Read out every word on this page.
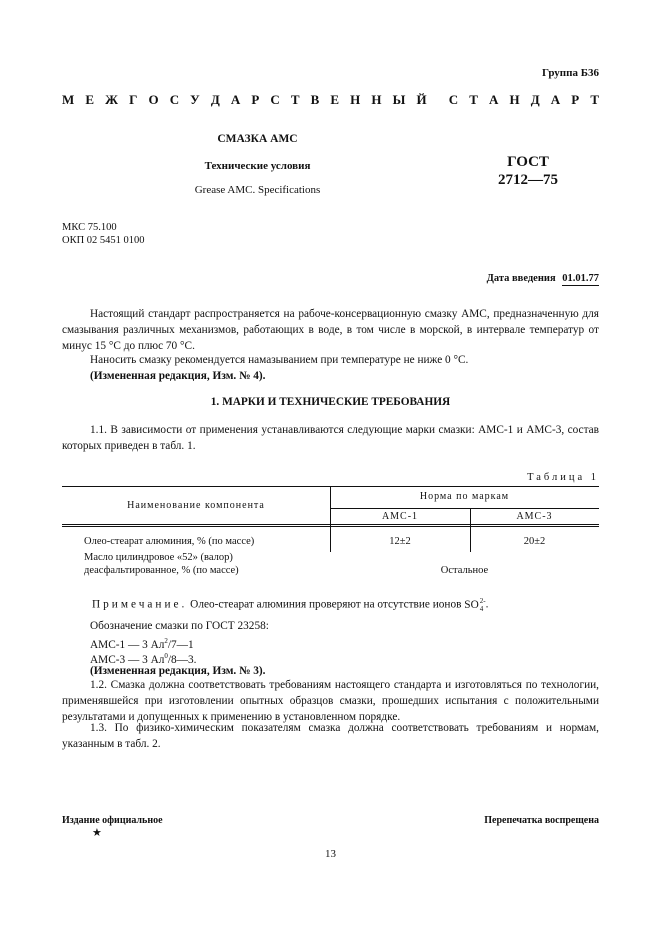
Группа Б36
М Е Ж Г О С У Д А Р С Т В Е Н Н Ы Й С Т А Н Д А Р Т
СМАЗКА АМС
Технические условия
Grease AMC. Specifications
ГОСТ
2712—75
МКС 75.100
ОКП 02 5451 0100
Дата введения 01.01.77
Настоящий стандарт распространяется на рабоче-консервационную смазку АМС, предназначенную для смазывания различных механизмов, работающих в воде, в том числе в морской, в интервале температур от минус 15 °С до плюс 70 °С.
Наносить смазку рекомендуется намазыванием при температуре не ниже 0 °С.
(Измененная редакция, Изм. № 4).
1. МАРКИ И ТЕХНИЧЕСКИЕ ТРЕБОВАНИЯ
1.1. В зависимости от применения устанавливаются следующие марки смазки: АМС-1 и АМС-3, состав которых приведен в табл. 1.
Таблица 1
Наименование компонента
Норма по маркам
АМС-1	АМС-3
Олео-стеарат алюминия, % (по массе)	12±2	20±2
Масло цилиндровое «52» (валор) деасфальтированное, % (по массе)	Остальное
Примечание. Олео-стеарат алюминия проверяют на отсутствие ионов SO 2-
4 .
Обозначение смазки по ГОСТ 23258:
АМС-1 — 3 $Ал^2/7—1$
АМС-3 — 3 $Ал^0/8—3$.
(Измененная редакция, Изм. № 3).
1.2. Смазка должна соответствовать требованиям настоящего стандарта и изготовляться по технологии, применявшейся при изготовлении опытных образцов смазки, прошедших испытания с положительными результатами и допущенных к применению в установленном порядке.
1.3. По физико-химическим показателям смазка должна соответствовать требованиям и нормам, указанным в табл. 2.
Издание официальное
★
Перепечатка воспрещена
13
